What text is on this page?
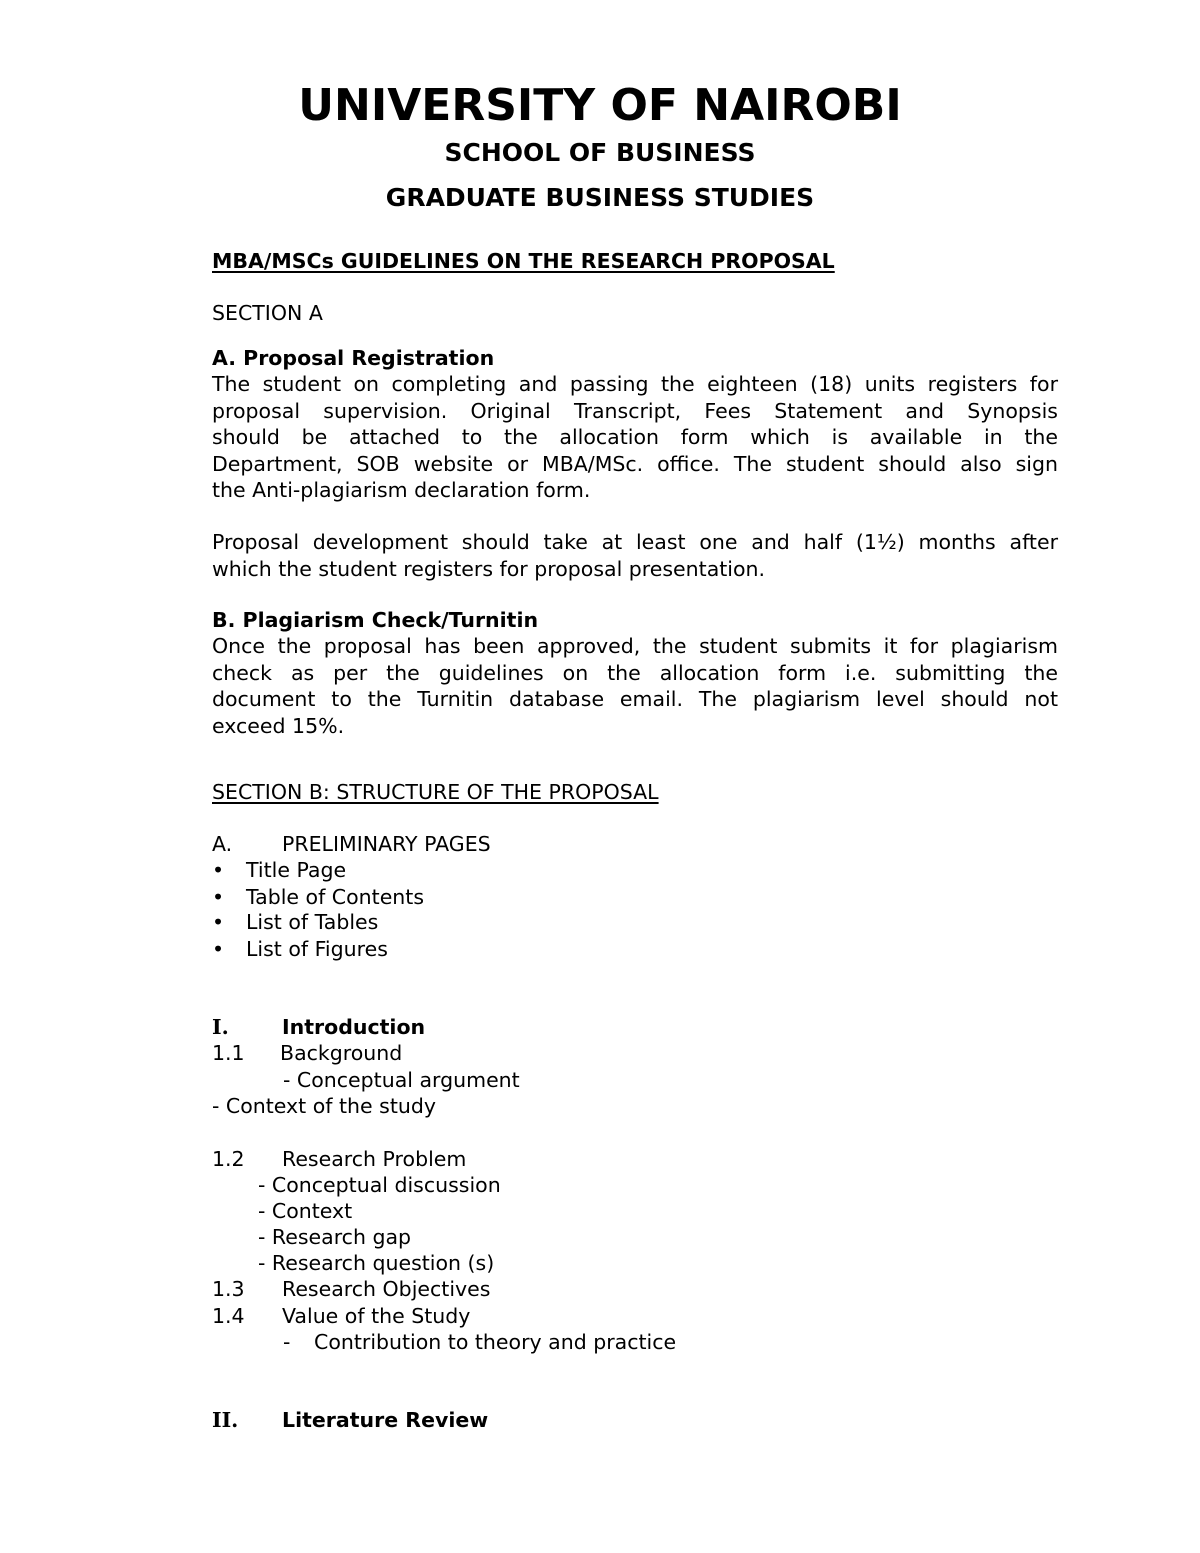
UNIVERSITY OF NAIROBI
SCHOOL OF BUSINESS
GRADUATE BUSINESS STUDIES
MBA/MSCs GUIDELINES ON THE RESEARCH PROPOSAL
SECTION A
A. Proposal Registration

The student on completing and passing the eighteen (18) units registers for

proposal supervision. Original Transcript, Fees Statement and Synopsis

should be attached to the allocation form which is available in the

Department, SOB website or MBA/MSc. office. The student should also sign

the Anti-plagiarism declaration form.

Proposal development should take at least one and half (1½) months after

which the student registers for proposal presentation.

B. Plagiarism Check/Turnitin

Once the proposal has been approved, the student submits it for plagiarism

check as per the guidelines on the allocation form i.e. submitting the

document to the Turnitin database email. The plagiarism level should not

exceed 15%.

SECTION B: STRUCTURE OF THE PROPOSAL
A. PRELIMINARY PAGES
• Title Page
• Table of Contents
• List of Tables
• List of Figures
I.	Introduction
1.1 Background
- Conceptual argument
- Context of the study
1.2 Research Problem
- Conceptual discussion
- Context
- Research gap
- Research question (s)
1.3 Research Objectives
1.4 Value of the Study
- Contribution to theory and practice
II. Literature Review
